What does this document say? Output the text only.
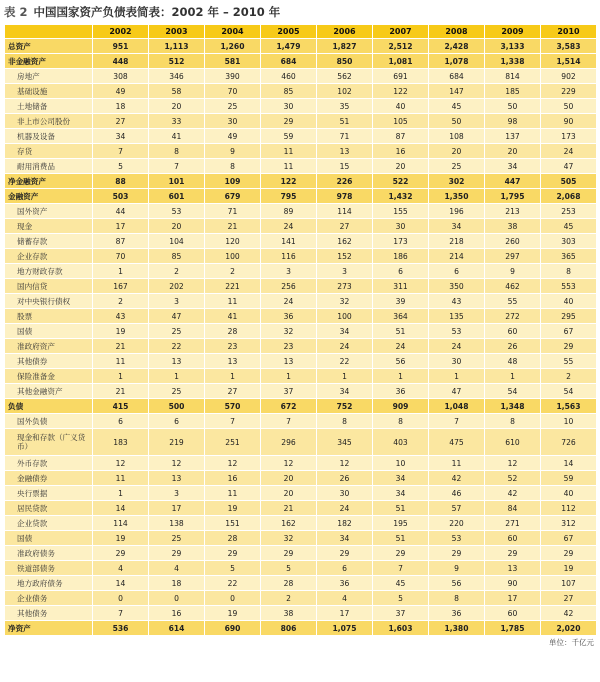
表 2 中国国家资产负债表简表：2002 年 – 2010 年
	2002	2003	2004	2005	2006	2007	2008	2009	2010
总资产	951	1,113	1,260	1,479	1,827	2,512	2,428	3,133	3,583
非金融资产	448	512	581	684	850	1,081	1,078	1,338	1,514
房地产	308	346	390	460	562	691	684	814	902
基础设施	49	58	70	85	102	122	147	185	229
土地储备	18	20	25	30	35	40	45	50	50
非上市公司股份	27	33	30	29	51	105	50	98	90
机器及设备	34	41	49	59	71	87	108	137	173
存货	7	8	9	11	13	16	20	20	24
耐用消费品	5	7	8	11	15	20	25	34	47
净金融资产	88	101	109	122	226	522	302	447	505
金融资产	503	601	679	795	978	1,432	1,350	1,795	2,068
国外资产	44	53	71	89	114	155	196	213	253
现金	17	20	21	24	27	30	34	38	45
储蓄存款	87	104	120	141	162	173	218	260	303
企业存款	70	85	100	116	152	186	214	297	365
地方财政存款	1	2	2	3	3	6	6	9	8
国内信贷	167	202	221	256	273	311	350	462	553
对中央银行债权	2	3	11	24	32	39	43	55	40
股票	43	47	41	36	100	364	135	272	295
国债	19	25	28	32	34	51	53	60	67
准政府资产	21	22	23	23	24	24	24	26	29
其他债券	11	13	13	13	22	56	30	48	55
保险准备金	1	1	1	1	1	1	1	1	2
其他金融资产	21	25	27	37	34	36	47	54	54
负债	415	500	570	672	752	909	1,048	1,348	1,563
国外负债	6	6	7	7	8	8	7	8	10
现金和存款（广义货币）	183	219	251	296	345	403	475	610	726
外币存款	12	12	12	12	12	10	11	12	14
金融债券	11	13	16	20	26	34	42	52	59
央行票据	1	3	11	20	30	34	46	42	40
居民贷款	14	17	19	21	24	51	57	84	112
企业贷款	114	138	151	162	182	195	220	271	312
国债	19	25	28	32	34	51	53	60	67
准政府债务	29	29	29	29	29	29	29	29	29
铁道部债务	4	4	5	5	6	7	9	13	19
地方政府债务	14	18	22	28	36	45	56	90	107
企业债务	0	0	0	2	4	5	8	17	27
其他债务	7	16	19	38	17	37	36	60	42
净资产	536	614	690	806	1,075	1,603	1,380	1,785	2,020
单位：千亿元
